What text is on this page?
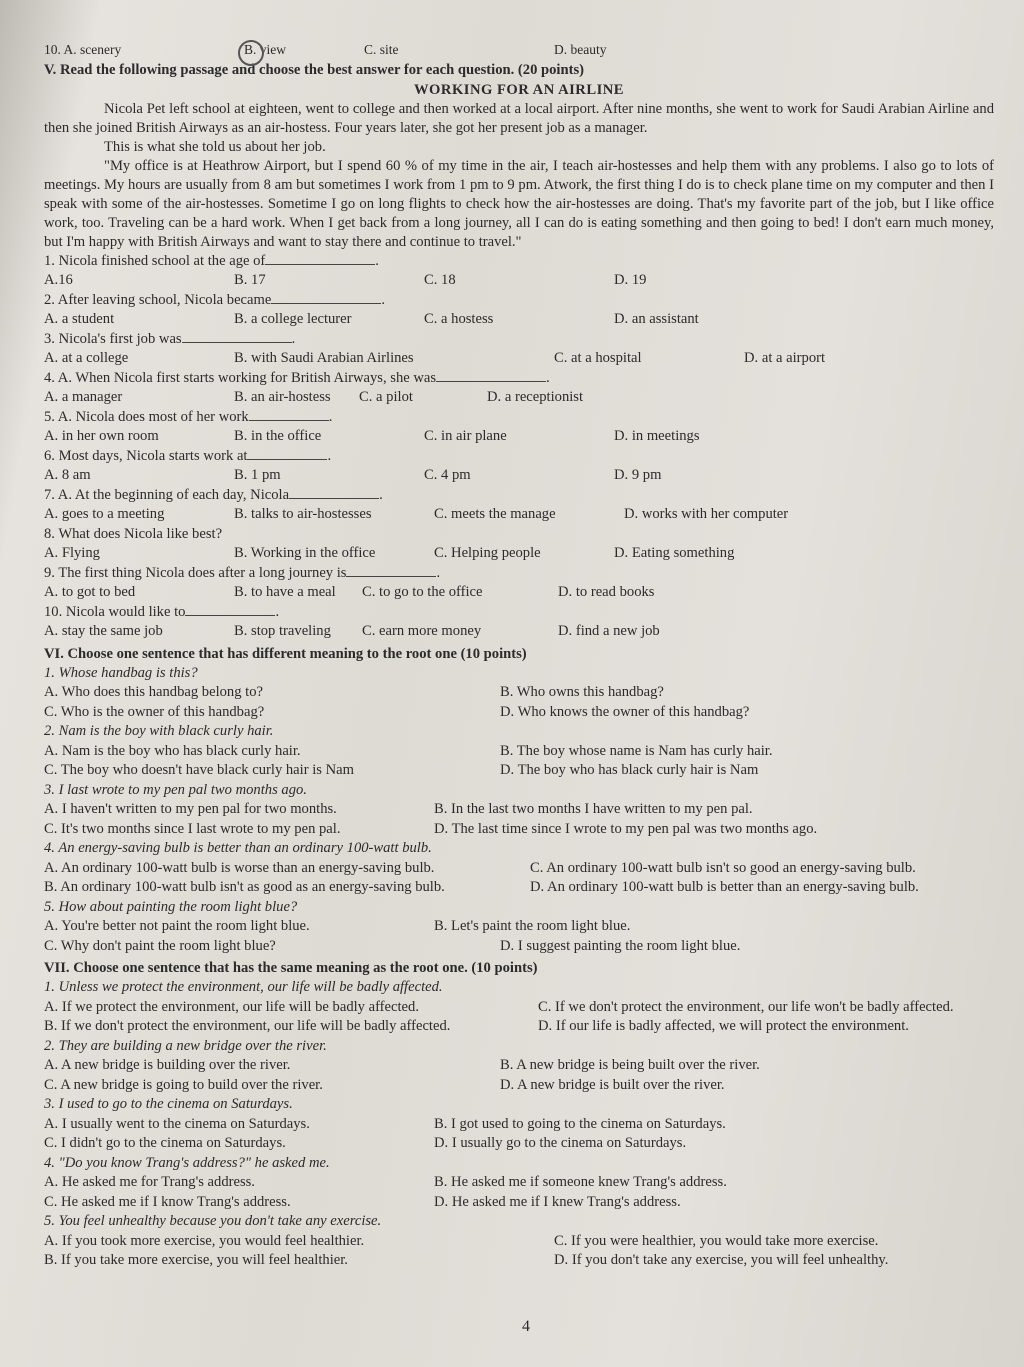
10. A. scenery	B. view	C. site	D. beauty
V. Read the following passage and choose the best answer for each question. (20 points)
WORKING FOR AN AIRLINE
Nicola Pet left school at eighteen, went to college and then worked at a local airport. After nine months, she went to work for Saudi Arabian Airline and then she joined British Airways as an air-hostess. Four years later, she got her present job as a manager.
This is what she told us about her job.
"My office is at Heathrow Airport, but I spend 60 % of my time in the air, I teach air-hostesses and help them with any problems. I also go to lots of meetings. My hours are usually from 8 am but sometimes I work from 1 pm to 9 pm. Atwork, the first thing I do is to check plane time on my computer and then I speak with some of the air-hostesses. Sometime I go on long flights to check how the air-hostesses are doing. That's my favorite part of the job, but I like office work, too. Traveling can be a hard work. When I get back from a long journey, all I can do is eating something and then going to bed! I don't earn much money, but I'm happy with British Airways and want to stay there and continue to travel."
1. Nicola finished school at the age of	.
A.16	B. 17	C. 18	D. 19
2. After leaving school, Nicola became	.
A. a student	B. a college lecturer	C. a hostess	D. an assistant
3. Nicola's first job was	.
A. at a college	B. with Saudi Arabian Airlines	C. at a hospital	D. at a airport
4. A. When Nicola first starts working for British Airways, she was	.
A. a manager	B. an air-hostess	C. a pilot	D. a receptionist
5. A. Nicola does most of her work	.
A. in her own room	B. in the office	C. in air plane	D. in meetings
6. Most days, Nicola starts work at	.
A. 8 am	B. 1 pm	C. 4 pm	D. 9 pm
7. A. At the beginning of each day, Nicola	.
A. goes to a meeting	B. talks to air-hostesses	C. meets the manage	D. works with her computer
8. What does Nicola like best?
A. Flying	B. Working in the office	C. Helping people	D. Eating something
9. The first thing Nicola does after a long journey is	.
A. to got to bed	B. to have a meal	C. to go to the office	D. to read books
10. Nicola would like to	.
A. stay the same job	B. stop traveling	C. earn more money	D. find a new job
VI. Choose one sentence that has different meaning to the root one (10 points)
1. Whose handbag is this?
A. Who does this handbag belong to?	B. Who owns this handbag?
C. Who is the owner of this handbag?	D. Who knows the owner of this handbag?
2. Nam is the boy with black curly hair.
A. Nam is the boy who has black curly hair.	B. The boy whose name is Nam has curly hair.
C. The boy who doesn't have black curly hair is Nam	D. The boy who has black curly hair is Nam
3. I last wrote to my pen pal two months ago.
A. I haven't written to my pen pal for two months.	B. In the last two months I have written to my pen pal.
C. It's two months since I last wrote to my pen pal.	D. The last time since I wrote to my pen pal was two months ago.
4. An energy-saving bulb is better than an ordinary 100-watt bulb.
A. An ordinary 100-watt bulb is worse than an energy-saving bulb.	C. An ordinary 100-watt bulb isn't so good an energy-saving bulb.
B. An ordinary 100-watt bulb isn't as good as an energy-saving bulb.	D. An ordinary 100-watt bulb is better than an energy-saving bulb.
5. How about painting the room light blue?
A. You're better not paint the room light blue.	B. Let's paint the room light blue.
C. Why don't paint the room light blue?	D. I suggest painting the room light blue.
VII. Choose one sentence that has the same meaning as the root one. (10 points)
1. Unless we protect the environment, our life will be badly affected.
A. If we protect the environment, our life will be badly affected.	C. If we don't protect the environment, our life won't be badly affected.
B. If we don't protect the environment, our life will be badly affected.	D. If our life is badly affected, we will protect the environment.
2. They are building a new bridge over the river.
A. A new bridge is building over the river.	B. A new bridge is being built over the river.
C. A new bridge is going to build over the river.	D. A new bridge is built over the river.
3. I used to go to the cinema on Saturdays.
A. I usually went to the cinema on Saturdays.	B. I got used to going to the cinema on Saturdays.
C. I didn't go to the cinema on Saturdays.	D. I usually go to the cinema on Saturdays.
4. "Do you know Trang's address?" he asked me.
A. He asked me for Trang's address.	B. He asked me if someone knew Trang's address.
C. He asked me if I know Trang's address.	D. He asked me if I knew Trang's address.
5. You feel unhealthy because you don't take any exercise.
A. If you took more exercise, you would feel healthier.	C. If you were healthier, you would take more exercise.
B. If you take more exercise, you will feel healthier.	D. If you don't take any exercise, you will feel unhealthy.
4
